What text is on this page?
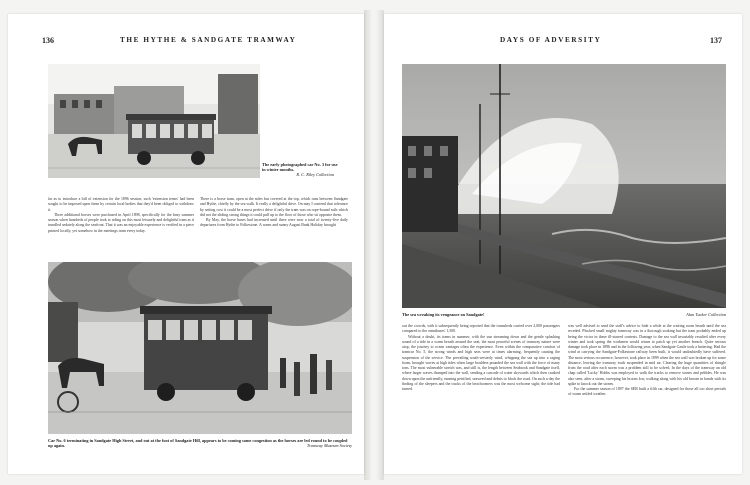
136	THE HYTHE & SANDGATE TRAMWAY
The early photographed car No. 3 for use in winter months.

R. C. Riley Collection

far as to introduce a bill of extension for the 1896 session, such 'extension terms' had been sought to be imposed upon them by certain local bodies that they'd been obliged to withdraw it.

Three additional horses were purchased in April 1898, specifically for the busy summer season when hundreds of people took to riding on this most leisurely and delightful tram as it trundled sedately along the seafront. That it was an enjoyable experience is verified in a piece printed locally, yet somehow in the meetings tram every today.

There is a horse tram, open at the sides but covered at the top, which runs between Sandgate and Hythe, chiefly by the sea walk. It really a delightful drive. On may I contend that tolerance by setting cost it could be a most perfect drive if only the tram was on rope-bound rails which did not the sliding strong things it could pull up to the floor of those who sit opposite them.

By May, the horse buses had increased until there were now a total of twenty-five daily departures from Hythe to Folkestone. A warm and sunny August Bank Holiday brought

Car No. 6 terminating in Sandgate High Street, and out at the foot of Sandgate Hill, appears to be coming some congestion as the horses are led round to be coupled up again.	Tramway Museum Society
DAYS OF ADVERSITY	137
The sea wreaking its vengeance on Sandgate!	Alan Tucker Collection

out the crowds, with it subsequently being reported that the tramsheds carried over 2,000 passengers compared to the omnibuses' 1,500.

Without a doubt, its trams in summer, with the sun streaming down and the gentle splashing sound of a tide in a warm breath around the seat, the most peaceful scenes of tramway nature were atop, the journey to ocean vantages often the experience. Even within the comparative comfort of tramcar No. 5, the strong winds and high seas were at times alarming, frequently causing the suspension of the service. The prevailing south-westerly wind, whipping the sea up into a raging foam, brought waves at high tides when large boulders pounded the sea wall with the force of many tons. The most vulnerable stretch was, and still is, the length between Seabrook and Sandgate itself, where larger waves thumped into the wall, sending a cascade of water skywards which then crashed down upon the unfriendly, running petrified, seaweed and debris to block the road. On such a day the finding of the sleepers and the tracks of the beachcomers was the most welcome sight; the tide had turned.

was well advised to send the staff's advice to hide a while at the waiting room hearth until the sea receded. Plucked small mighty tramway was in a thorough soaking but the tram probably ended up being the victor in these ill-starred contests. Damage to the sea wall invariably resulted after every winter and took spring the workmen would return to patch up yet another breach. Quite serious damage took place in 1896 and in the following year, when Sandgate Castle took a battering. Had the wind at carrying the Sandgate-Folkestone railway been built, it would undoubtedly have suffered. The most serious occurrence, however, took place in 1899 when the sea wall was broken up for some distance, leaving the tramway track suspended in mid air. Clearing the huge quantities of shingle from the road after each storm was a problem still to be solved. In the days of the tramway an old chap called 'Lucky' Hobbs was employed to walk the tracks to remove stones and pebbles. He was also seen, after a storm, sweeping his broom low, walking along with his old broom in hands with its spike to knock out the stones.

For the summer season of 1897 the SER built a fifth car, designed for those all too short periods of warm settled weather.
